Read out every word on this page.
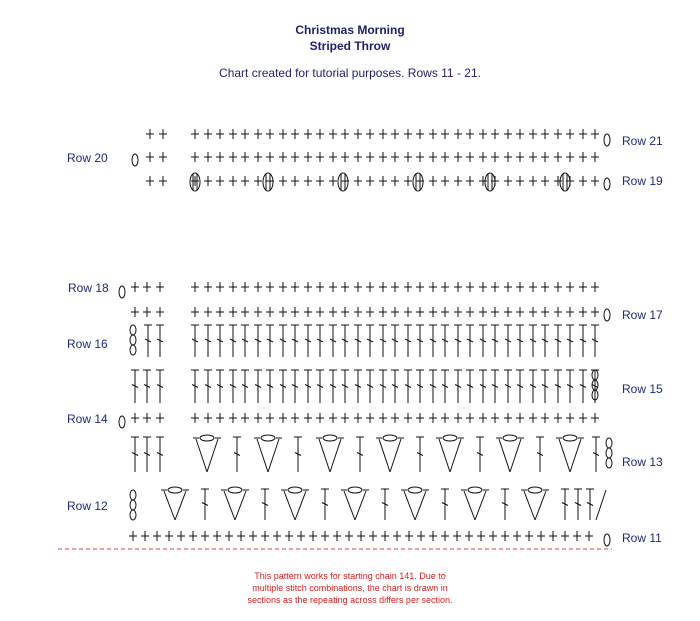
Christmas Morning
Striped Throw
Chart created for tutorial purposes. Rows 11 - 21.
Row 21
Row 20
Row 19
Row 18
Row 17
Row 16
Row 15
Row 14
Row 13
Row 12
Row 11
This pattern works for starting chain 141. Due to
multiple stitch combinations, the chart is drawn in
sections as the repeating across differs per section.
